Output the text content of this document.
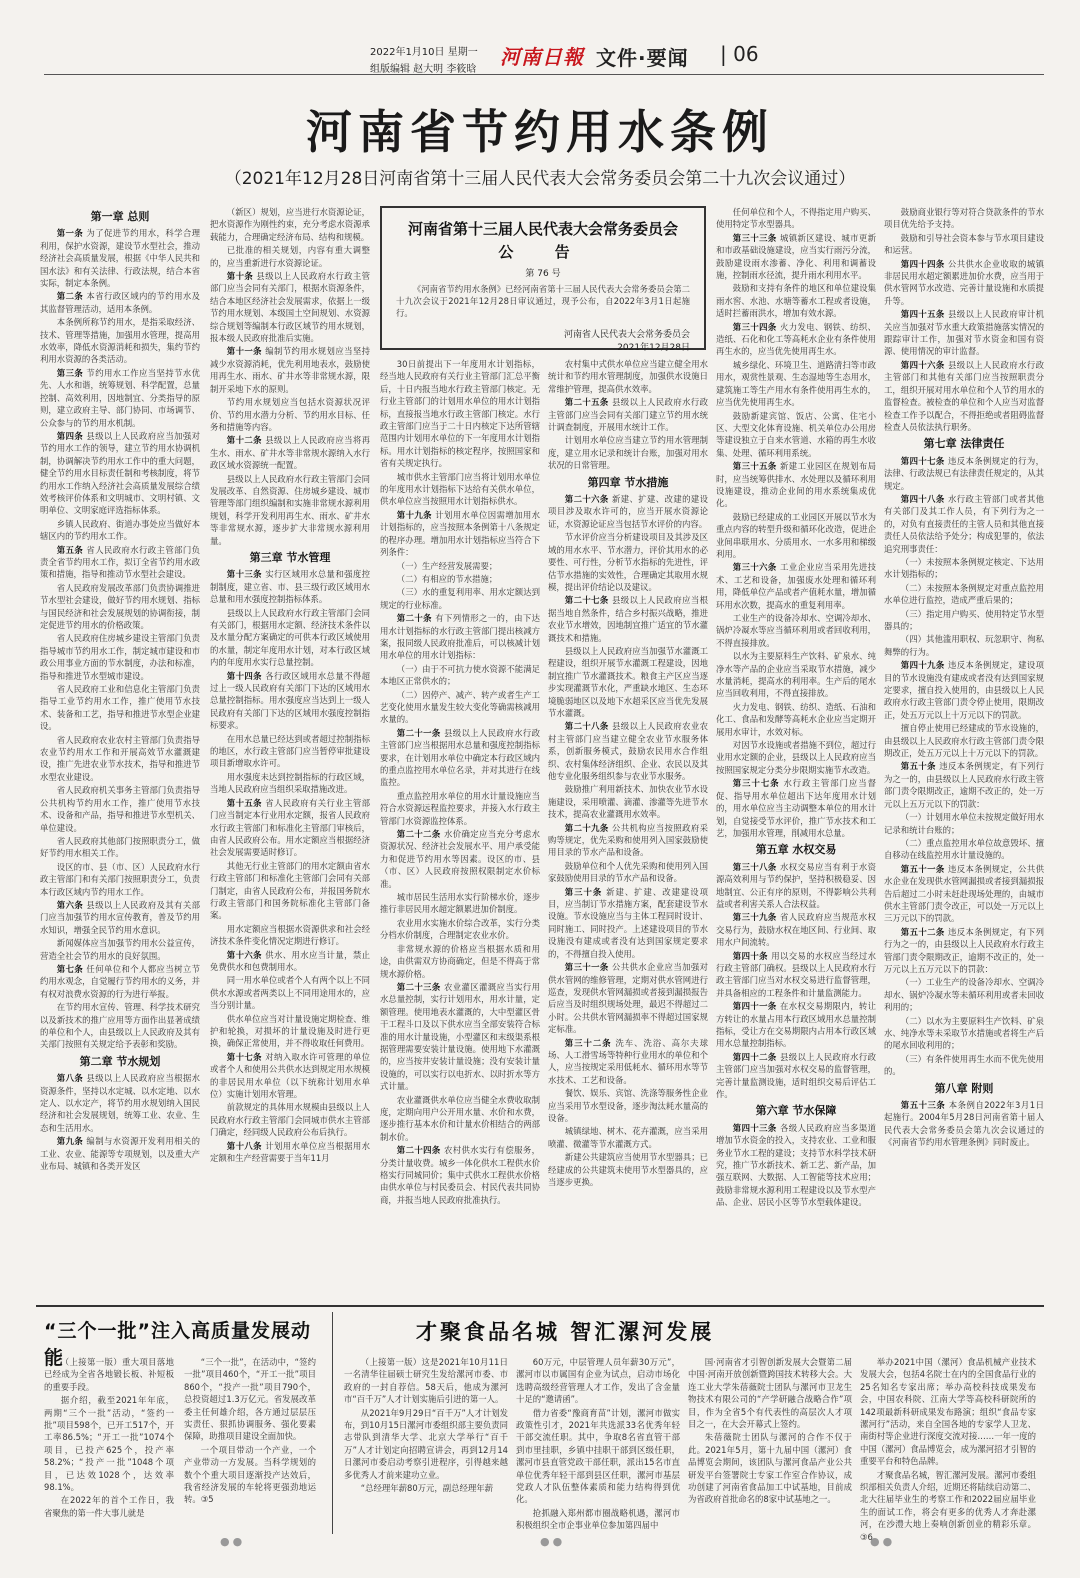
2022年1月10日 星期一
组版编辑 赵大明 李筱晗
河南日報 文件·要闻 | 06
河南省节约用水条例
（2021年12月28日河南省第十三届人民代表大会常务委员会第二十九次会议通过）
第一章 总则

第一条 为了促进节约用水，科学合理利用，保护水资源，建设节水型社会，推动经济社会高质量发展，根据《中华人民共和国水法》和有关法律、行政法规，结合本省实际，制定本条例。

第二条 本省行政区域内的节约用水及其监督管理活动，适用本条例。

本条例所称节约用水，是指采取经济、技术、管理等措施，加强用水管理，提高用水效率，降低水资源消耗和损失，集约节约利用水资源的各类活动。

第三条 节约用水工作应当坚持节水优先、人水和谐，统筹规划、科学配置，总量控制、高效利用，因地制宜、分类指导的原则，建立政府主导、部门协同、市场调节、公众参与的节约用水机制。

第四条 县级以上人民政府应当加强对节约用水工作的领导，建立节约用水协调机制，协调解决节约用水工作中的重大问题，健全节约用水目标责任制和考核制度，将节约用水工作纳入经济社会高质量发展综合绩效考核评价体系和文明城市、文明村镇、文明单位、文明家庭评选指标体系。

乡镇人民政府、街道办事处应当做好本辖区内的节约用水工作。

第五条 省人民政府水行政主管部门负责全省节约用水工作，拟订全省节约用水政策和措施，指导和推动节水型社会建设。

省人民政府发展改革部门负责协调推进节水型社会建设，做好节约用水规划、指标与国民经济和社会发展规划的协调衔接，制定促进节约用水的价格政策。

省人民政府住房城乡建设主管部门负责指导城市节约用水工作，制定城市建设和市政公用事业方面的节水制度，办法和标准，指导和推进节水型城市建设。

省人民政府工业和信息化主管部门负责指导工业节约用水工作，推广使用节水技术、装备和工艺，指导和推进节水型企业建设。

省人民政府农业农村主管部门负责指导农业节约用水工作和开展高效节水灌溉建设，推广先进农业节水技术，指导和推进节水型农业建设。

省人民政府机关事务主管部门负责指导公共机构节约用水工作，推广使用节水技术、设备和产品，指导和推进节水型机关、单位建设。

省人民政府其他部门按照职责分工，做好节约用水相关工作。

设区的市、县（市、区）人民政府水行政主管部门和有关部门按照职责分工，负责本行政区域内节约用水工作。

第六条 县级以上人民政府及其有关部门应当加强节约用水宣传教育，普及节约用水知识，增强全民节约用水意识。

新闻媒体应当加强节约用水公益宣传，营造全社会节约用水的良好氛围。

第七条 任何单位和个人都应当树立节约用水观念，自觉履行节约用水的义务，并有权对浪费水资源的行为进行举报。

在节约用水宣传、管理、科学技术研究以及新技术的推广应用等方面作出显著成绩的单位和个人，由县级以上人民政府及其有关部门按照有关规定给予表彰和奖励。

第二章 节水规划

第八条 县级以上人民政府应当根据水资源条件，坚持以水定城、以水定地、以水定人、以水定产，将节约用水规划纳入国民经济和社会发展规划，统筹工业、农业、生态和生活用水。

第九条 编制与水资源开发利用相关的工业、农业、能源等专项规划，以及重大产业布局、城镇和各类开发区

（新区）规划，应当进行水资源论证，把水资源作为刚性约束，充分考虑水资源承载能力，合理确定经济布局、结构和规模。

已批准的相关规划，内容有重大调整的，应当重新进行水资源论证。

第十条 县级以上人民政府水行政主管部门应当会同有关部门，根据水资源条件，结合本地区经济社会发展需求，依据上一级节约用水规划、本级国土空间规划、水资源综合规划等编制本行政区域节约用水规划，报本级人民政府批准后实施。

第十一条 编制节约用水规划应当坚持减少水资源消耗，优先利用地表水，鼓励使用再生水、雨水、矿井水等非常规水源，限制开采地下水的原则。

节约用水规划应当包括水资源状况评价、节约用水潜力分析、节约用水目标、任务和措施等内容。

第十二条 县级以上人民政府应当将再生水、雨水、矿井水等非常规水源纳入水行政区域水资源统一配置。

县级以上人民政府水行政主管部门会同发展改革、自然资源、住房城乡建设、城市管理等部门组织编制和实施非常规水源利用规划，科学开发利用再生水、雨水、矿井水等非常规水源，逐步扩大非常规水源利用量。

第三章 节水管理

第十三条 实行区域用水总量和强度控制制度，建立省、市、县三级行政区域用水总量和用水强度控制指标体系。

县级以上人民政府水行政主管部门会同有关部门，根据用水定额、经济技术条件以及水量分配方案确定的可供本行政区域使用的水量，制定年度用水计划，对本行政区域内的年度用水实行总量控制。

第十四条 各行政区域用水总量不得超过上一级人民政府有关部门下达的区域用水总量控制指标。用水强度应当达到上一级人民政府有关部门下达的区域用水强度控制指标要求。

在用水总量已经达到或者超过控制指标的地区，水行政主管部门应当暂停审批建设项目新增取水许可。

用水强度未达到控制指标的行政区域，当地人民政府应当组织采取措施改进。

第十五条 省人民政府有关行业主管部门应当制定本行业用水定额，报省人民政府水行政主管部门和标准化主管部门审核后，由省人民政府公布。用水定额应当根据经济社会发展需要适时修订。

其他无行业主管部门的用水定额由省水行政主管部门和标准化主管部门会同有关部门制定，由省人民政府公布，并报国务院水行政主管部门和国务院标准化主管部门备案。

用水定额应当根据水资源供求和社会经济技术条件变化情况定期进行修订。

第十六条 供水、用水应当计量，禁止免费供水和包费制用水。

同一用水单位或者个人有两个以上不同供水水源或者两类以上不同用途用水的，应当分别计量。

供水单位应当对计量设施定期检查、维护和轮换，对损坏的计量设施及时进行更换，确保正常使用，并不得收取任何费用。

第十七条 对纳入取水许可管理的单位或者个人和使用公共供水达到规定用水规模的非居民用水单位（以下统称计划用水单位）实施计划用水管理。

前款规定的具体用水规模由县级以上人民政府水行政主管部门会同城市供水主管部门确定，经同级人民政府公布后执行。

第十八条 计划用水单位应当根据用水定额和生产经营需要于当年11月

河南省第十三届人民代表大会常务委员会
公 告
第 76 号
《河南省节约用水条例》已经河南省第十三届人民代表大会常务委员会第二十九次会议于2021年12月28日审议通过，现予公布，自2022年3月1日起施行。
河南省人民代表大会常务委员会
2021年12月28日

30日前提出下一年度用水计划指标，经当地人民政府有关行业主管部门汇总平衡后，十日内报当地水行政主管部门核定。无行业主管部门的计划用水单位的用水计划指标，直接报当地水行政主管部门核定。水行政主管部门应当于二十日内核定下达所管辖范围内计划用水单位的下一年度用水计划指标。用水计划指标的核定程序，按照国家和省有关规定执行。

城市供水主管部门应当将计划用水单位的年度用水计划指标下达给有关供水单位，供水单位应当按照用水计划指标供水。

第十九条 计划用水单位因需增加用水计划指标的，应当按照本条例第十八条规定的程序办理。增加用水计划指标应当符合下列条件：

（一）生产经营发展需要；

（二）有相应的节水措施；

（三）水的重复利用率、用水定额达到规定的行业标准。

第二十条 有下列情形之一的，由下达用水计划指标的水行政主管部门提出核减方案，报同级人民政府批准后，可以核减计划用水单位的用水计划指标：

（一）由于不可抗力使水资源不能满足本地区正常供水的；

（二）因停产、减产、转产或者生产工艺变化使用水量发生较大变化等确需核减用水量的。

第二十一条 县级以上人民政府水行政主管部门应当根据用水总量和强度控制指标要求，在计划用水单位中确定本行政区域内的重点监控用水单位名录，并对其进行在线监控。

重点监控用水单位的用水计量设施应当符合水资源远程监控要求，并接入水行政主管部门水资源监控体系。

第二十二条 水价确定应当充分考虑水资源状况、经济社会发展水平、用户承受能力和促进节约用水等因素。设区的市、县（市、区）人民政府按照权限制定水价标准。

城市居民生活用水实行阶梯水价，逐步推行非居民用水超定额累进加价制度。

农业用水实施水价综合改革，实行分类分档水价制度，合理制定农业水价。

非常规水源的价格应当根据水质和用途，由供需双方协商确定，但是不得高于常规水源价格。

第二十三条 农业灌区灌溉应当实行用水总量控制，实行计划用水，用水计量，定额管理。使用地表水灌溉的，大中型灌区骨干工程斗口及以下供水应当全部安装符合标准的用水计量设施，小型灌区和末级渠系根据管理需要安装计量设施。使用地下水灌溉的，应当按井安装计量设施；没有安装计量设施的，可以实行以电折水、以时折水等方式计量。

农业灌溉供水单位应当健全水费收取制度，定期向用户公开用水量、水价和水费，逐步推行基本水价和计量水价相结合的两部制水价。

第二十四条 农村供水实行有偿服务，分类计量收费。城乡一体化供水工程供水价格实行同城同价；集中式供水工程供水价格由供水单位与村民委员会、村民代表共同协商，并报当地人民政府批准执行。

农村集中式供水单位应当建立健全用水统计和节约用水管理制度，加强供水设施日常维护管理，提高供水效率。

第二十五条 县级以上人民政府水行政主管部门应当会同有关部门建立节约用水统计调查制度，开展用水统计工作。

计划用水单位应当建立节约用水管理制度，建立用水记录和统计台账，加强对用水状况的日常管理。

第四章 节水措施

第二十六条 新建、扩建、改建的建设项目涉及取水许可的，应当开展水资源论证，水资源论证应当包括节水评价的内容。

节水评价应当分析建设项目及其涉及区域的用水水平、节水潜力，评价其用水的必要性、可行性，分析节水指标的先进性，评估节水措施的实效性，合理确定其取用水规模，提出评价结论以及建议。

第二十七条 县级以上人民政府应当根据当地自然条件，结合乡村振兴战略，推进农业节水增效，因地制宜推广适宜的节水灌溉技术和措施。

县级以上人民政府应当加强节水灌溉工程建设，组织开展节水灌溉工程建设，因地制宜推广节水灌溉技术。粮食主产区应当逐步实现灌溉节水化，严重缺水地区、生态环境脆弱地区以及地下水超采区应当优先发展节水灌溉。

第二十八条 县级以上人民政府农业农村主管部门应当建立健全农业节水服务体系，创新服务模式，鼓励农民用水合作组织、农村集体经济组织、企业、农民以及其他专业化服务组织参与农业节水服务。

鼓励推广利用新技术、加快农业节水设施建设，采用喷灌、滴灌、渗灌等先进节水技术，提高农业灌溉用水效率。

第二十九条 公共机构应当按照政府采购等规定，优先采购和使用列入国家鼓励使用目录的节水产品和设备。

鼓励单位和个人优先采购和使用列入国家鼓励使用目录的节水产品和设备。

第三十条 新建、扩建、改建建设项目，应当制订节水措施方案，配套建设节水设施。节水设施应当与主体工程同时设计、同时施工、同时投产。上述建设项目的节水设施没有建成或者没有达到国家规定要求的，不得擅自投入使用。

第三十一条 公共供水企业应当加强对供水管网的维修管理，定期对供水管网进行巡查，发现供水管网漏损或者接到漏损报告后应当及时组织规场处理，最迟不得超过二小时。公共供水管网漏损率不得超过国家规定标准。

第三十二条 洗车、洗浴、高尔夫球场、人工滑雪场等特种行业用水的单位和个人，应当按规定采用低耗水、循环用水等节水技术、工艺和设备。

餐饮、娱乐、宾馆、洗涤等服务性企业应当采用节水型设备，逐步淘汰耗水量高的设备。

城镇绿地、树木、花卉灌溉，应当采用喷灌、微灌等节水灌溉方式。

新建公共建筑应当使用节水型器具；已经建成的公共建筑未使用节水型器具的，应当逐步更换。

任何单位和个人，不得指定用户购买、使用特定节水型器具。

第三十三条 城镇新区建设、城市更新和市政基础设施建设，应当实行雨污分流，鼓励建设雨水渗蓄、净化、利用和调蓄设施，控制雨水径流，提升雨水利用水平。

鼓励和支持有条件的地区和单位建设集雨水窖、水池、水塘等蓄水工程或者设施，适时拦蓄雨洪水，增加有效水源。

第三十四条 火力发电、钢铁、纺织、造纸、石化和化工等高耗水企业有条件使用再生水的，应当优先使用再生水。

城乡绿化、环境卫生、道路清扫等市政用水，观赏性景观、生态湿地等生态用水，建筑施工等生产用水有条件使用再生水的，应当优先使用再生水。

鼓励新建宾馆、饭店、公寓、住宅小区、大型文化体育设施、机关单位办公用房等建设独立于自来水管道、水箱的再生水收集、处理、循环利用系统。

第三十五条 新建工业园区在规划布局时，应当统筹供排水、水处理以及循环利用设施建设，推动企业间的用水系统集成优化。

鼓励已经建成的工业园区开展以节水为重点内容的转型升级和循环化改造，促进企业间串联用水、分质用水、一水多用和梯级利用。

第三十六条 工业企业应当采用先进技术、工艺和设备，加强废水处理和循环利用，降低单位产品或者产值耗水量，增加循环用水次数，提高水的重复利用率。

工业生产的设备冷却水、空调冷却水、锅炉冷凝水等应当循环利用或者回收利用，不得直接排放。

以水为主要原料生产饮料、矿泉水、纯净水等产品的企业应当采取节水措施，减少水量消耗，提高水的利用率。生产后的尾水应当回收利用，不得直接排放。

火力发电、钢铁、纺织、造纸、石油和化工、食品和发酵等高耗水企业应当定期开展用水审计，水效对标。

对因节水设施或者措施不到位，超过行业用水定额的企业，县级以上人民政府应当按照国家规定分类分步限期实施节水改造。

第三十七条 水行政主管部门应当督促、指导用水单位超出下达年度用水计划的，用水单位应当主动调整本单位的用水计划，自觉接受节水评价，推广节水技术和工艺，加强用水管理，削减用水总量。

第五章 水权交易

第三十八条 水权交易应当有利于水资源高效利用与节约保护，坚持积极稳妥、因地制宜、公正有序的原则，不得影响公共利益或者利害关系人合法权益。

第三十九条 省人民政府应当规范水权交易行为，鼓励水权在地区间、行业间、取用水户间流转。

第四十条 用以交易的水权应当经过水行政主管部门确权。县级以上人民政府水行政主管部门应当对水权交易进行监督管理，并具备相应的工程条件和计量监测能力。

第四十一条 在水权交易期限内，转让方转让的水量占用本行政区域用水总量控制指标，受让方在交易期限内占用本行政区域用水总量控制指标。

第四十二条 县级以上人民政府水行政主管部门应当加强对水权交易的监督管理，完善计量监测设施，适时组织交易后评估工作。

第六章 节水保障

第四十三条 各级人民政府应当多渠道增加节水资金的投入，支持农业、工业和服务业节水工程的建设；支持节水科学技术研究，推广节水新技术、新工艺、新产品，加强互联网、大数据、人工智能等技术应用；鼓励非常规水源利用工程建设以及节水型产品、企业、居民小区等节水型载体建设。

鼓励商业银行等对符合贷款条件的节水项目优先给予支持。

鼓励和引导社会资本参与节水项目建设和运营。

第四十四条 公共供水企业收取的城镇非居民用水超定额累进加价水费，应当用于供水管网节水改造、完善计量设施和水质提升等。

第四十五条 县级以上人民政府审计机关应当加强对节水重大政策措施落实情况的跟踪审计工作，加强对节水资金和国有资源、使用情况的审计监督。

第四十六条 县级以上人民政府水行政主管部门和其他有关部门应当按照职责分工，组织开展对用水单位和个人节约用水的监督检查。被检查的单位和个人应当对监督检查工作予以配合，不得拒绝或者阻碍监督检查人员依法执行职务。

第七章 法律责任

第四十七条 违反本条例规定的行为，法律、行政法规已有法律责任规定的，从其规定。

第四十八条 水行政主管部门或者其他有关部门及其工作人员，有下列行为之一的，对负有直接责任的主管人员和其他直接责任人员依法给予处分；构成犯罪的，依法追究刑事责任：

（一）未按照本条例规定核定、下达用水计划指标的；

（二）未按照本条例规定对重点监控用水单位进行监控，造成严重后果的；

（三）指定用户购买、使用特定节水型器具的；

（四）其他滥用职权、玩忽职守、徇私舞弊的行为。

第四十九条 违反本条例规定，建设项目的节水设施没有建成或者没有达到国家规定要求，擅自投入使用的，由县级以上人民政府水行政主管部门责令停止使用，限期改正，处五万元以上十万元以下的罚款。

擅自停止使用已经建成的节水设施的，由县级以上人民政府水行政主管部门责令限期改正，处五万元以上十万元以下的罚款。

第五十条 违反本条例规定，有下列行为之一的，由县级以上人民政府水行政主管部门责令限期改正，逾期不改正的，处一万元以上五万元以下的罚款：

（一）计划用水单位未按规定做好用水记录和统计台账的；

（二）重点监控用水单位故意毁坏、擅自移动在线监控用水计量设施的。

第五十一条 违反本条例规定，公共供水企业在发现供水管网漏损或者接到漏损报告后超过二小时未赶赴现场处理的，由城市供水主管部门责令改正，可以处一万元以上三万元以下的罚款。

第五十二条 违反本条例规定，有下列行为之一的，由县级以上人民政府水行政主管部门责令限期改正，逾期不改正的，处一万元以上五万元以下的罚款：

（一）工业生产的设备冷却水、空调冷却水、锅炉冷凝水等未循环利用或者未回收利用的；

（二）以水为主要原料生产饮料、矿泉水、纯净水等未采取节水措施或者将生产后的尾水回收利用的；

（三）有条件使用再生水而不优先使用的。

第八章 附则

第五十三条 本条例自2022年3月1日起施行。2004年5月28日河南省第十届人民代表大会常务委员会第九次会议通过的《河南省节约用水管理条例》同时废止。

“三个一批”注入高质量发展动能
才聚食品名城 智汇漯河发展

（上接第一版）重大项目落地已经成为全省各地锻长板、补短板的重要手段。

据介绍，截至2021年年底，两期“三个一批”活动，“签约一批”项目598个，已开工517个，开工率86.5%；“开工一批”1074个项目，已投产625个，投产率58.2%；“投产一批”1048个项目，已达效1028个，达效率98.1%。

在2022年的首个工作日，我省聚焦的第一件大事儿就是

“三个一批”，在活动中，“签约一批”项目460个，“开工一批”项目860个，“投产一批”项目790个，总投资超过1.3万亿元。省发展改革委主任何雄介绍，各方通过层层压实责任、狠抓协调服务、强化要素保障，助推项目建设全面加快。

一个项目带动一个产业，一个产业带动一方发展。当科学规划的数个个重大项目逐渐投产达效后，我省经济发展的车轮将更强劲地运转。③5

（上接第一版）这是2021年10月11日一名清华往届硕士研究生发给漯河市委、市政府的一封自荐信。58天后，他成为漯河市“百千万”人才计划实施后引进的第一人。

从2021年9月29日“百千万”人才计划发布，到10月15日漯河市委组织部主要负责同志带队到清华大学、北京大学举行“百千万”人才计划定向招聘宣讲会，再到12月14日漯河市委启动考察引进程序，引得越来越多优秀人才前来建功立业。

“总经理年薪80万元，副总经理年薪

60万元，中层管理人员年薪30万元”，漯河市以市属国有企业为试点，启动市场化选聘高级经营管理人才工作，发出了含金量十足的“邀请函”。

借力省委“豫商育苗”计划，漯河市做实政策性引才，2021年共选派33名优秀年轻干部交流任职。其中，争取8名省直管干部到市里挂职，乡镇中挂职干部到区级任职，漯河市县直管党政干部任职，派出15名市直单位优秀年轻干部到县区任职，漯河市基层党政人才队伍整体素质和能力结构得到优化。

抢抓融入郑州都市圈战略机遇，漯河市积极组织全市企事业单位参加第四届中

国·河南省才引智创新发展大会暨第二届中国·河南开放创新暨跨国技术转移大会。大连工业大学朱蓓薇院士团队与漯河市卫龙生物技术有限公司的“产学研融合战略合作”项目，作为全省5个有代表性的高层次人才项目之一，在大会开幕式上签约。

朱蓓薇院士团队与漯河的合作不仅于此。2021年5月，第十九届中国（漯河）食品博览会期间，该团队与漯河食品产业公共研发平台签署院士专家工作室合作协议，成功创建了河南省食品加工中试基地，目前成为省政府首批命名的8家中试基地之一。

举办2021中国（漯河）食品机械产业技术发展大会，包括4名院士在内的全国食品行业的25名知名专家出席；举办高校科技成果发布会，中国农科院、江南大学等高校科研院所的142项最新科研成果发布路演；组织“食品专家漯河行”活动，来自全国各地的专家学人卫龙、南街村等企业进行深度交流对接……一年一度的中国（漯河）食品博览会，成为漯河招才引智的重要平台和特色品牌。

才聚食品名城，智汇漯河发展。漯河市委组织部相关负责人介绍，近期还将陆续启动第二、北大往届毕业生的考察工作和2022届应届毕业生的面试工作，将会有更多的优秀人才奔赴漯河，在沙澧大地上奏响创新创业的精彩乐章。③6

●●	●●	●●
